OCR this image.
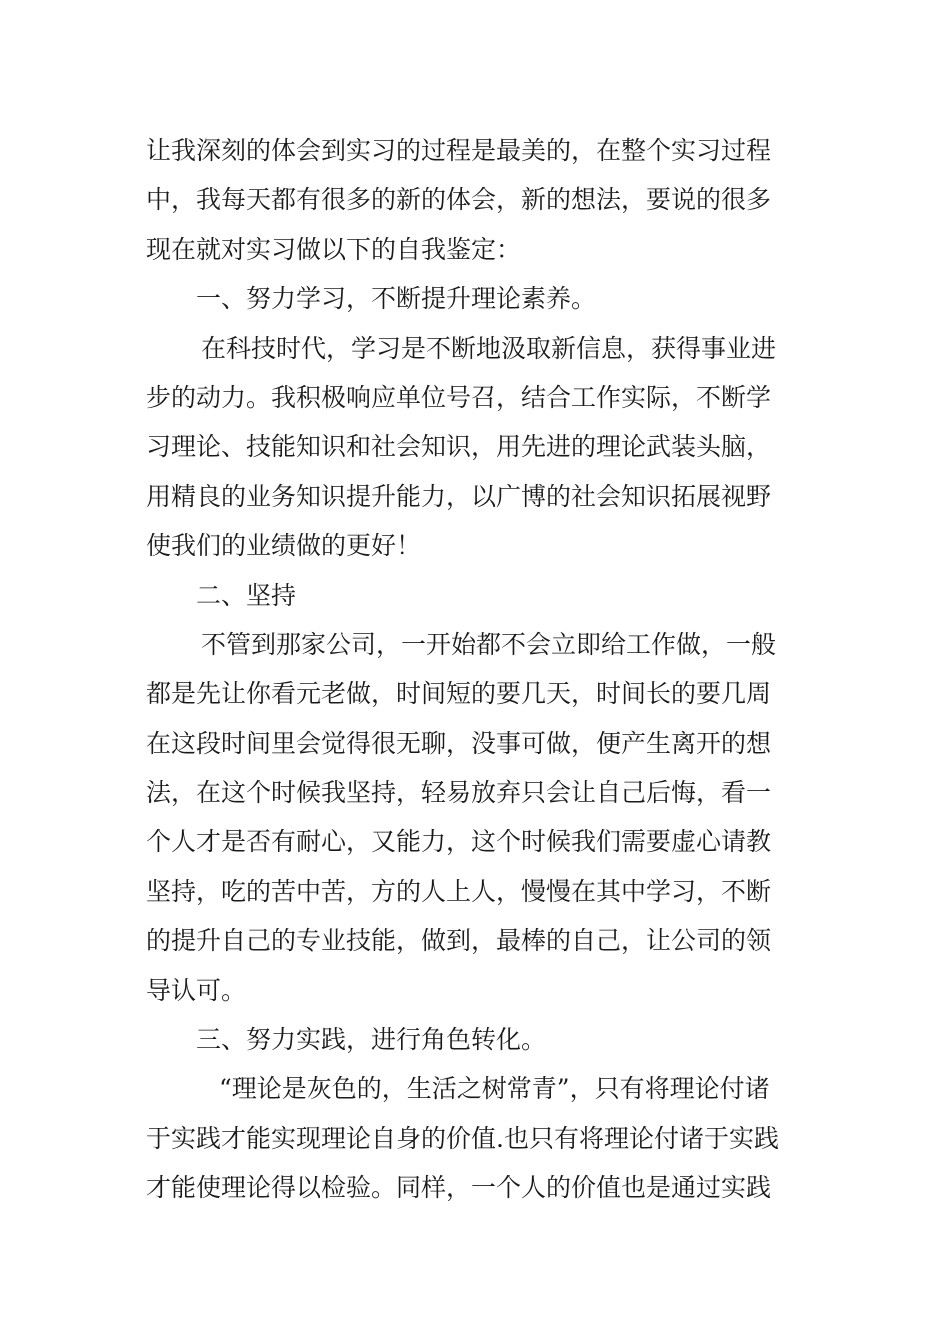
让我深刻的体会到实习的过程是最美的，在整个实习过程
中，我每天都有很多的新的体会，新的想法，要说的很多
现在就对实习做以下的自我鉴定：
一、努力学习，不断提升理论素养。
在科技时代，学习是不断地汲取新信息，获得事业进
步的动力。我积极响应单位号召，结合工作实际，不断学
习理论、技能知识和社会知识，用先进的理论武装头脑，
用精良的业务知识提升能力，以广博的社会知识拓展视野
使我们的业绩做的更好！
二、坚持
不管到那家公司，一开始都不会立即给工作做，一般
都是先让你看元老做，时间短的要几天，时间长的要几周
在这段时间里会觉得很无聊，没事可做，便产生离开的想
法，在这个时候我坚持，轻易放弃只会让自己后悔，看一
个人才是否有耐心，又能力，这个时候我们需要虚心请教
坚持，吃的苦中苦，方的人上人，慢慢在其中学习，不断
的提升自己的专业技能，做到，最棒的自己，让公司的领
导认可。
三、努力实践，进行角色转化。
“理论是灰色的，生活之树常青”，只有将理论付诸
于实践才能实现理论自身的价值.也只有将理论付诸于实践
才能使理论得以检验。同样，一个人的价值也是通过实践
